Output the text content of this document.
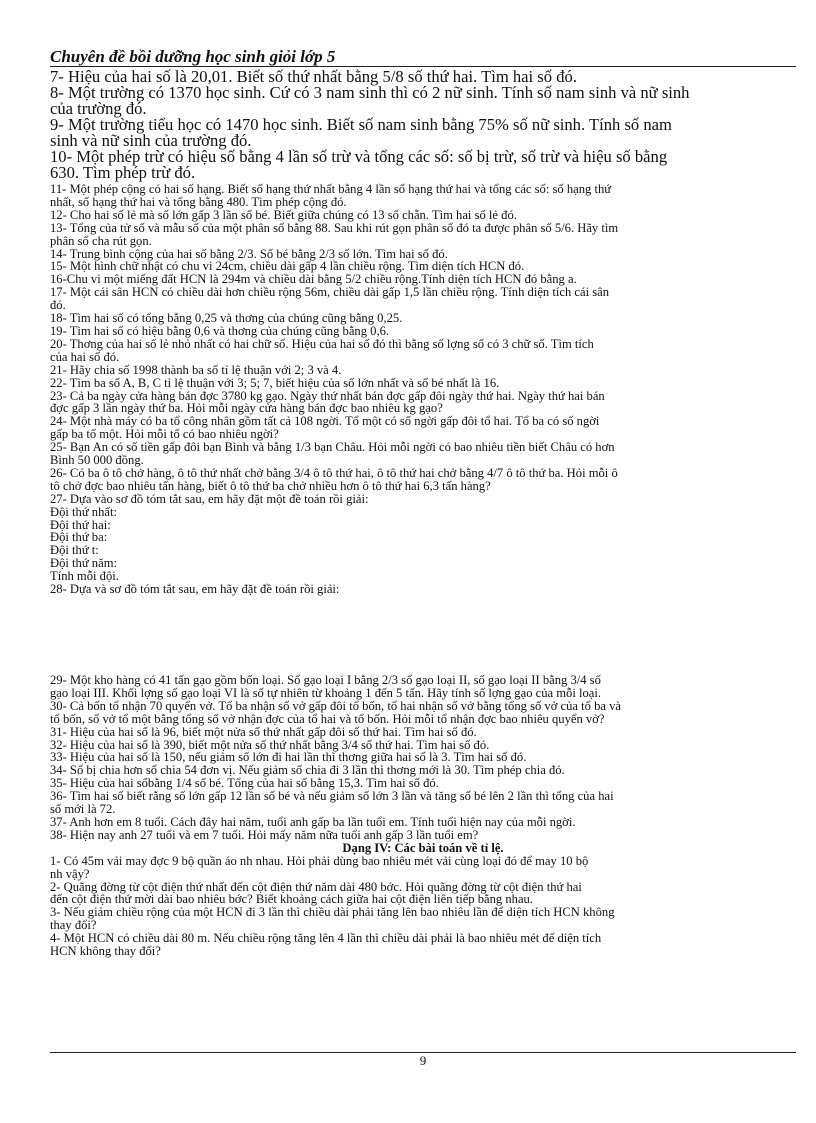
Chuyên đề bồi dưỡng học sinh giỏi lớp 5

7- Hiệu của hai số là 20,01. Biết số thứ nhất bằng 5/8 số thứ hai. Tìm hai số đó.

8- Một trường có 1370 học sinh. Cứ có 3 nam sinh thì có 2 nữ sinh. Tính số nam sinh và nữ sinh

của trường đó.

9- Một trường tiểu học có 1470 học sinh. Biết số nam sinh bằng 75% số nữ sinh. Tính số nam

sinh và nữ sinh của trường đó.

10- Một phép trừ có hiệu số bằng 4 lần số trừ và tổng các số: số bị trừ, số trừ và hiệu số bằng

630. Tìm phép trừ đó.

11- Một phép cộng có hai số hạng. Biết số hạng thứ nhất bằng 4 lần số hạng thứ hai và tổng các số: số hạng thứ

nhất, số hạng thứ hai và tổng bằng 480. Tìm phép cộng đó.

12- Cho hai số lẻ mà số lớn gấp 3 lần số bé. Biết giữa chúng có 13 số chẵn. Tìm hai số lẻ đó.

13- Tổng của tử số và mẫu số của một phân số bằng 88. Sau khi rút gọn phân số đó ta được phân số 5/6. Hãy tìm

phân số cha rút gọn.

14- Trung bình cộng của hai số bằng 2/3. Số bé bằng 2/3 số lớn. Tìm hai số đó.

15- Một hình chữ nhật có chu vi 24cm, chiều dài gấp 4 lần chiều rộng. Tìm diện tích HCN đó.

16-Chu vi một miếng đất HCN là 294m và chiều dài bằng 5/2 chiều rộng.Tính diện tích HCN đó bằng a.

17- Một cái sân HCN có chiều dài hơn chiều rộng 56m, chiều dài gấp 1,5 lần chiều rộng. Tính diện tích cái sân

đó.

18- Tìm hai số có tổng bằng 0,25 và thơng của chúng cũng bằng 0,25.

19- Tìm hai số có hiệu bằng 0,6 và thơng của chúng cũng bằng 0,6.

20- Thơng của hai số lẻ nhỏ nhất có hai chữ số. Hiệu của hai số đó thì bằng số lợng số có 3 chữ số. Tìm tích

của hai số đó.

21- Hãy chia số 1998 thành ba số tỉ lệ thuận với 2; 3 và 4.

22- Tìm ba số A, B, C tỉ lệ thuận với 3; 5; 7, biết hiệu của số lớn nhất và số bé nhất là 16.

23- Cả ba ngày cửa hàng bán đợc 3780 kg gạo. Ngày thứ nhất bán đợc gấp đôi ngày thứ hai. Ngày thứ hai bán

đợc gấp 3 lần ngày thứ ba. Hỏi mỗi ngày cửa hàng bán đợc bao nhiêu kg gạo?

24- Một nhà máy có ba tổ công nhân gồm tất cả 108 ngời. Tổ một có số ngời gấp đôi tổ hai. Tổ ba có số ngời

gấp ba tổ một. Hỏi mỗi tổ có bao nhiêu ngời?

25- Bạn An có số tiền gấp đôi bạn Bình và bằng 1/3 bạn Châu. Hỏi mỗi ngời có bao nhiêu tiền biết Châu có hơn

Bình 50 000 đồng.

26- Có ba ô tô chở hàng, ô tô thứ nhất chở bằng 3/4 ô tô thứ hai, ô tô thứ hai chở bằng 4/7 ô tô thứ ba. Hỏi mỗi ô

tô chở đợc bao nhiêu tấn hàng, biết ô tô thứ ba chở nhiều hơn ô tô thứ hai 6,3 tấn hàng?

27- Dựa vào sơ đồ tóm tắt sau, em hãy đặt một đề toán rồi giải:

Đội thứ nhất:

Đội thứ hai:

Đội thứ ba:

Đội thứ t:

Đội thứ năm:

Tính mỗi đội.

28- Dựa và sơ đồ tóm tắt sau, em hãy đặt đề toán rồi giải:

29- Một kho hàng có 41 tấn gạo gồm bốn loại. Số gạo loại I bằng 2/3 số gạo loại II, số gạo loại II bằng 3/4 số

gạo loại III. Khối lợng số gạo loại VI là số tự nhiên từ khoảng 1 đến 5 tấn. Hãy tính số lợng gạo của mỗi loại.

30- Cả bốn tổ nhận 70 quyển vở. Tổ ba nhận số vở gấp đôi tổ bốn, tổ hai nhận số vở bằng tổng số vở của tổ ba và

tổ bốn, số vở tổ một bằng tổng số vở nhận đợc của tổ hai và tổ bốn. Hỏi mỗi tổ nhận đợc bao nhiêu quyển vở?

31- Hiệu của hai số là 96, biết một nửa số thứ nhất gấp đôi số thứ hai. Tìm hai số đó.

32- Hiệu của hai số là 390, biết một nửa số thứ nhất bằng 3/4 số thứ hai. Tìm hai số đó.

33- Hiệu của hai số là 150, nếu giảm số lớn đi hai lần thì thơng giữa hai số là 3. Tìm hai số đó.

34- Số bị chia hơn số chia 54 đơn vị. Nếu giảm số chia đi 3 lần thì thơng mới là 30. Tìm phép chia đó.

35- Hiệu của hai sốbằng 1/4 số bé. Tổng của hai số bằng 15,3. Tìm hai số đó.

36- Tìm hai số biết rằng số lớn gấp 12 lần số bé và nếu giảm số lớn 3 lần và tăng số bé lên 2 lần thì tổng của hai

số mới là 72.

37- Anh hơn em 8 tuổi. Cách đây hai năm, tuổi anh gấp ba lần tuổi em. Tính tuổi hiện nay của mỗi ngời.

38- Hiện nay anh 27 tuổi và em 7 tuổi. Hỏi mấy năm nữa tuổi anh gấp 3 lần tuổi em?

Dạng IV: Các bài toán về tỉ lệ.

1- Có 45m vải may đợc 9 bộ quần áo nh nhau. Hỏi phải dùng bao nhiêu mét vải cùng loại đó để may 10 bộ

nh vậy?

2- Quãng đờng từ cột điện thứ nhất đến cột điện thứ năm dài 480 bớc. Hỏi quãng đờng từ cột điện thứ hai

đến cột điện thứ mời dài bao nhiêu bớc? Biết khoảng cách giữa hai cột điện liên tiếp bằng nhau.

3- Nếu giảm chiều rộng của một HCN đi 3 lần thì chiều dài phải tăng lên bao nhiêu lần để diện tích HCN không

thay đổi?

4- Một HCN có chiều dài 80 m. Nếu chiều rộng tăng lên 4 lần thì chiều dài phải là bao nhiêu mét để diện tích

HCN không thay đổi?

9
